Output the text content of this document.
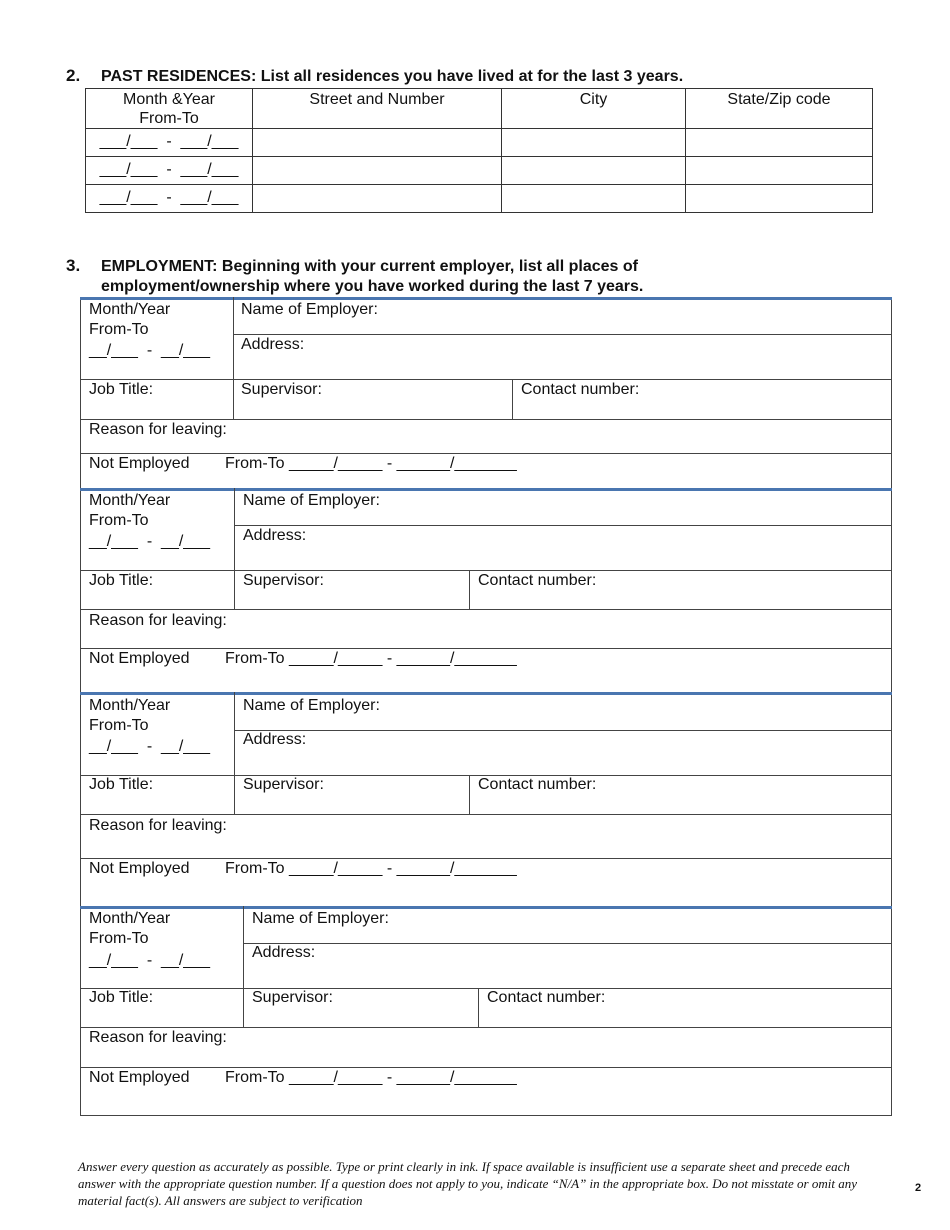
2. PAST RESIDENCES: List all residences you have lived at for the last 3 years.
Month &Year
From-To	Street and Number	City	State/Zip code
___/___  -  ___/___			
___/___  -  ___/___			
___/___  -  ___/___			
3. EMPLOYMENT: Beginning with your current employer, list all places of
employment/ownership where you have worked during the last 7 years.
Month/Year
From-To
__/___  -  __/___
Name of Employer:
Address:
Job Title:	Supervisor:	Contact number:
Reason for leaving:
Not Employed From-To _____/_____ - ______/_______
Month/Year
From-To
__/___  -  __/___
Name of Employer:
Address:
Job Title:	Supervisor:	Contact number:
Reason for leaving:
Not Employed From-To _____/_____ - ______/_______
Month/Year
From-To
__/___  -  __/___
Name of Employer:
Address:
Job Title:	Supervisor:	Contact number:
Reason for leaving:
Not Employed From-To _____/_____ - ______/_______
Month/Year
From-To
__/___  -  __/___
Name of Employer:
Address:
Job Title:	Supervisor:	Contact number:
Reason for leaving:
Not Employed From-To _____/_____ - ______/_______
Answer every question as accurately as possible. Type or print clearly in ink. If space available is insufficient use a separate sheet and precede each answer with the appropriate question number. If a question does not apply to you, indicate “N/A” in the appropriate box. Do not misstate or omit any material fact(s). All answers are subject to verification
2
